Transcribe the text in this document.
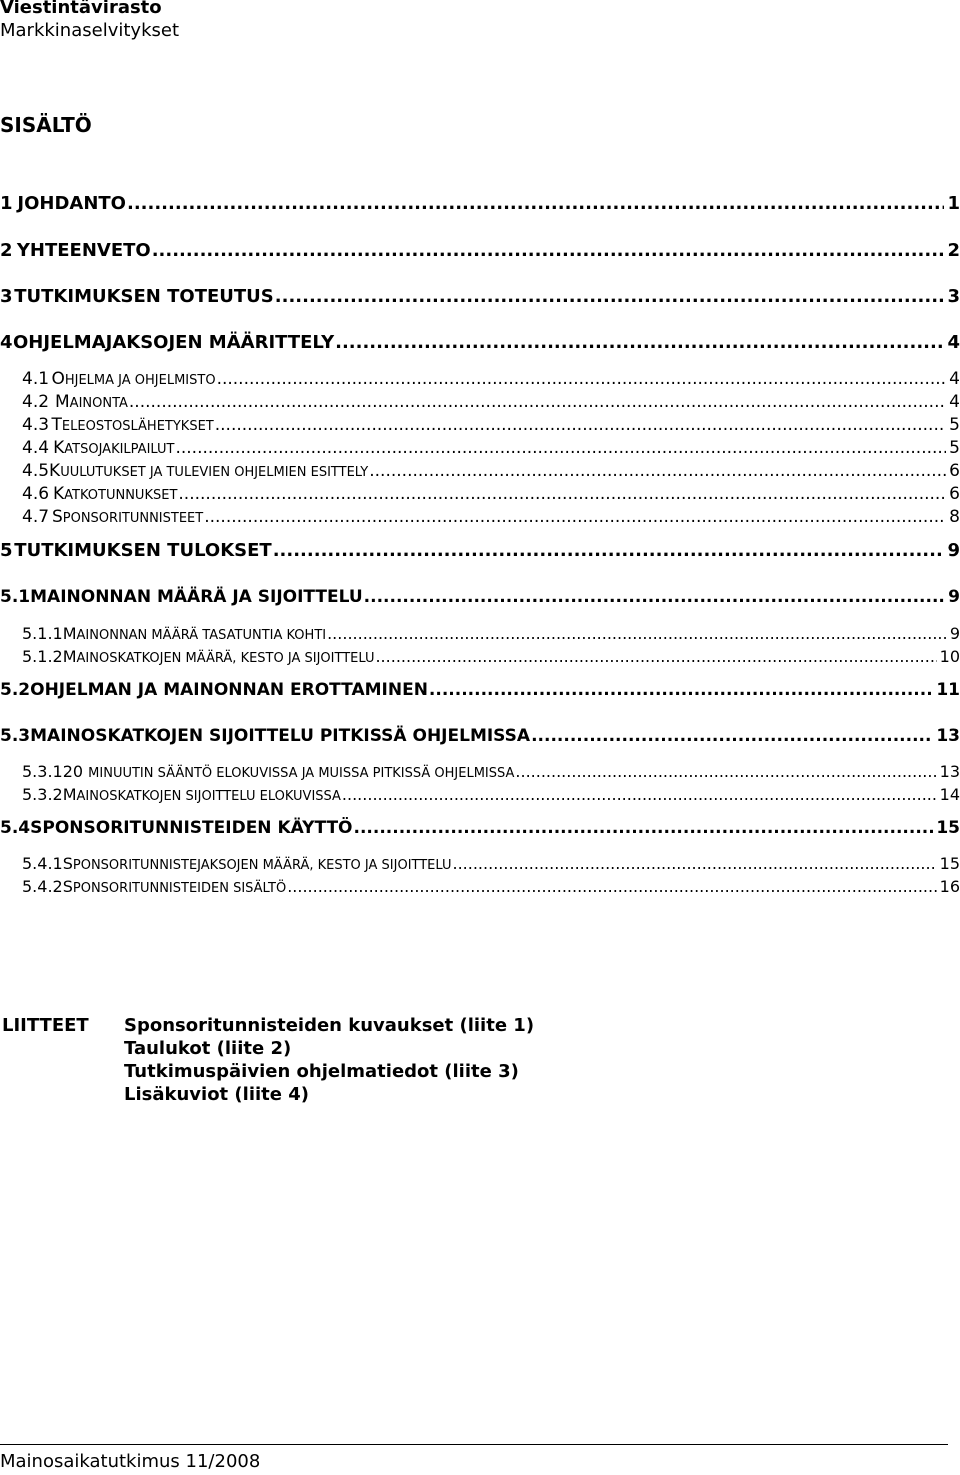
Viestintävirasto
Markkinaselvitykset
SISÄLTÖ
1 JOHDANTO .....	1
2 YHTEENVETO .....	2
3 TUTKIMUKSEN TOTEUTUS .....	3
4 OHJELMAJAKSOJEN MÄÄRITTELY .....	4
4.1 OHJELMA JA OHJELMISTO .....	4
4.2 MAINONTA .....	4
4.3 TELEOSTOSLÄHETYKSET .....	5
4.4 KATSOJAKILPAILUT .....	5
4.5 KUULUTUKSET JA TULEVIEN OHJELMIEN ESITTELY .....	6
4.6 KATKOTUNNUKSET .....	6
4.7 SPONSORITUNNISTEET .....	8
5 TUTKIMUKSEN TULOKSET .....	9
5.1 MAINONNAN MÄÄRÄ JA SIJOITTELU .....	9
5.1.1 MAINONNAN MÄÄRÄ TASATUNTIA KOHTI .....	9
5.1.2 MAINOSKATKOJEN MÄÄRÄ, KESTO JA SIJOITTELU .....	10
5.2 OHJELMAN JA MAINONNAN EROTTAMINEN .....	11
5.3 MAINOSKATKOJEN SIJOITTELU PITKISSÄ OHJELMISSA .....	13
5.3.1 20 MINUUTIN SÄÄNTÖ ELOKUVISSA JA MUISSA PITKISSÄ OHJELMISSA .....	13
5.3.2 MAINOSKATKOJEN SIJOITTELU ELOKUVISSA .....	14
5.4 SPONSORITUNNISTEIDEN KÄYTTÖ .....	15
5.4.1 SPONSORITUNNISTEJAKSOJEN MÄÄRÄ, KESTO JA SIJOITTELU .....	15
5.4.2 SPONSORITUNNISTEIDEN SISÄLTÖ .....	16
LIITTEET Sponsoritunnisteiden kuvaukset (liite 1)
Taulukot (liite 2)
Tutkimuspäivien ohjelmatiedot (liite 3)
Lisäkuviot (liite 4)
Mainosaikatutkimus 11/2008
